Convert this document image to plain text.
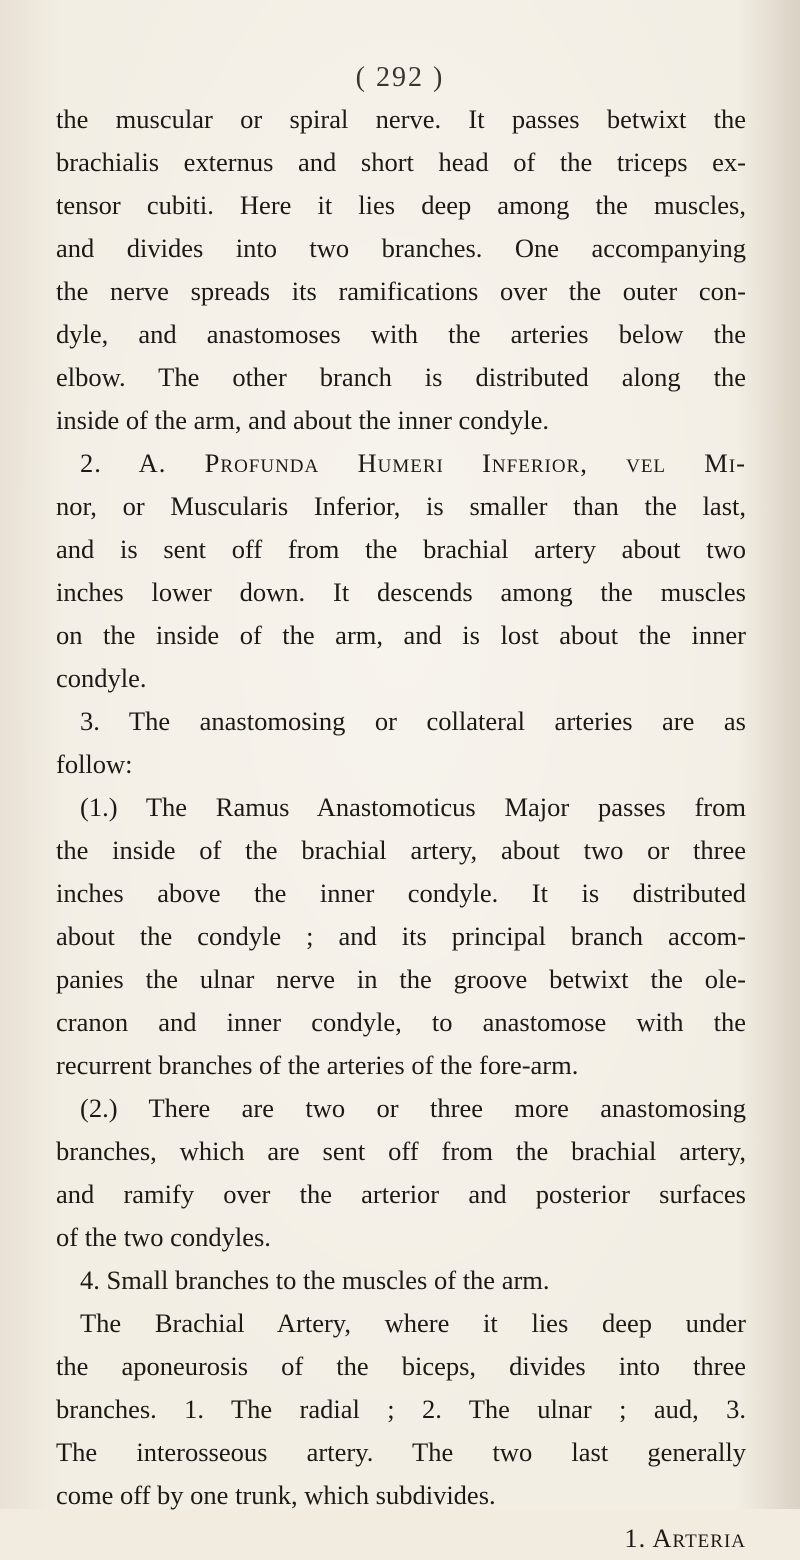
( 292 )
the muscular or spiral nerve. It passes betwixt the
brachialis externus and short head of the triceps ex-
tensor cubiti. Here it lies deep among the muscles,
and divides into two branches. One accompanying
the nerve spreads its ramifications over the outer con-
dyle, and anastomoses with the arteries below the
elbow. The other branch is distributed along the
inside of the arm, and about the inner condyle.
2. A. Profunda Humeri Inferior, vel Mi-
nor, or Muscularis Inferior, is smaller than the last,
and is sent off from the brachial artery about two
inches lower down. It descends among the muscles
on the inside of the arm, and is lost about the inner
condyle.
3. The anastomosing or collateral arteries are as
follow:
(1.) The Ramus Anastomoticus Major passes from
the inside of the brachial artery, about two or three
inches above the inner condyle. It is distributed
about the condyle ; and its principal branch accom-
panies the ulnar nerve in the groove betwixt the ole-
cranon and inner condyle, to anastomose with the
recurrent branches of the arteries of the fore-arm.
(2.) There are two or three more anastomosing
branches, which are sent off from the brachial artery,
and ramify over the arterior and posterior surfaces
of the two condyles.
4. Small branches to the muscles of the arm.
The Brachial Artery, where it lies deep under
the aponeurosis of the biceps, divides into three
branches. 1. The radial ; 2. The ulnar ; aud, 3.
The interosseous artery. The two last generally
come off by one trunk, which subdivides.
1. Arteria
